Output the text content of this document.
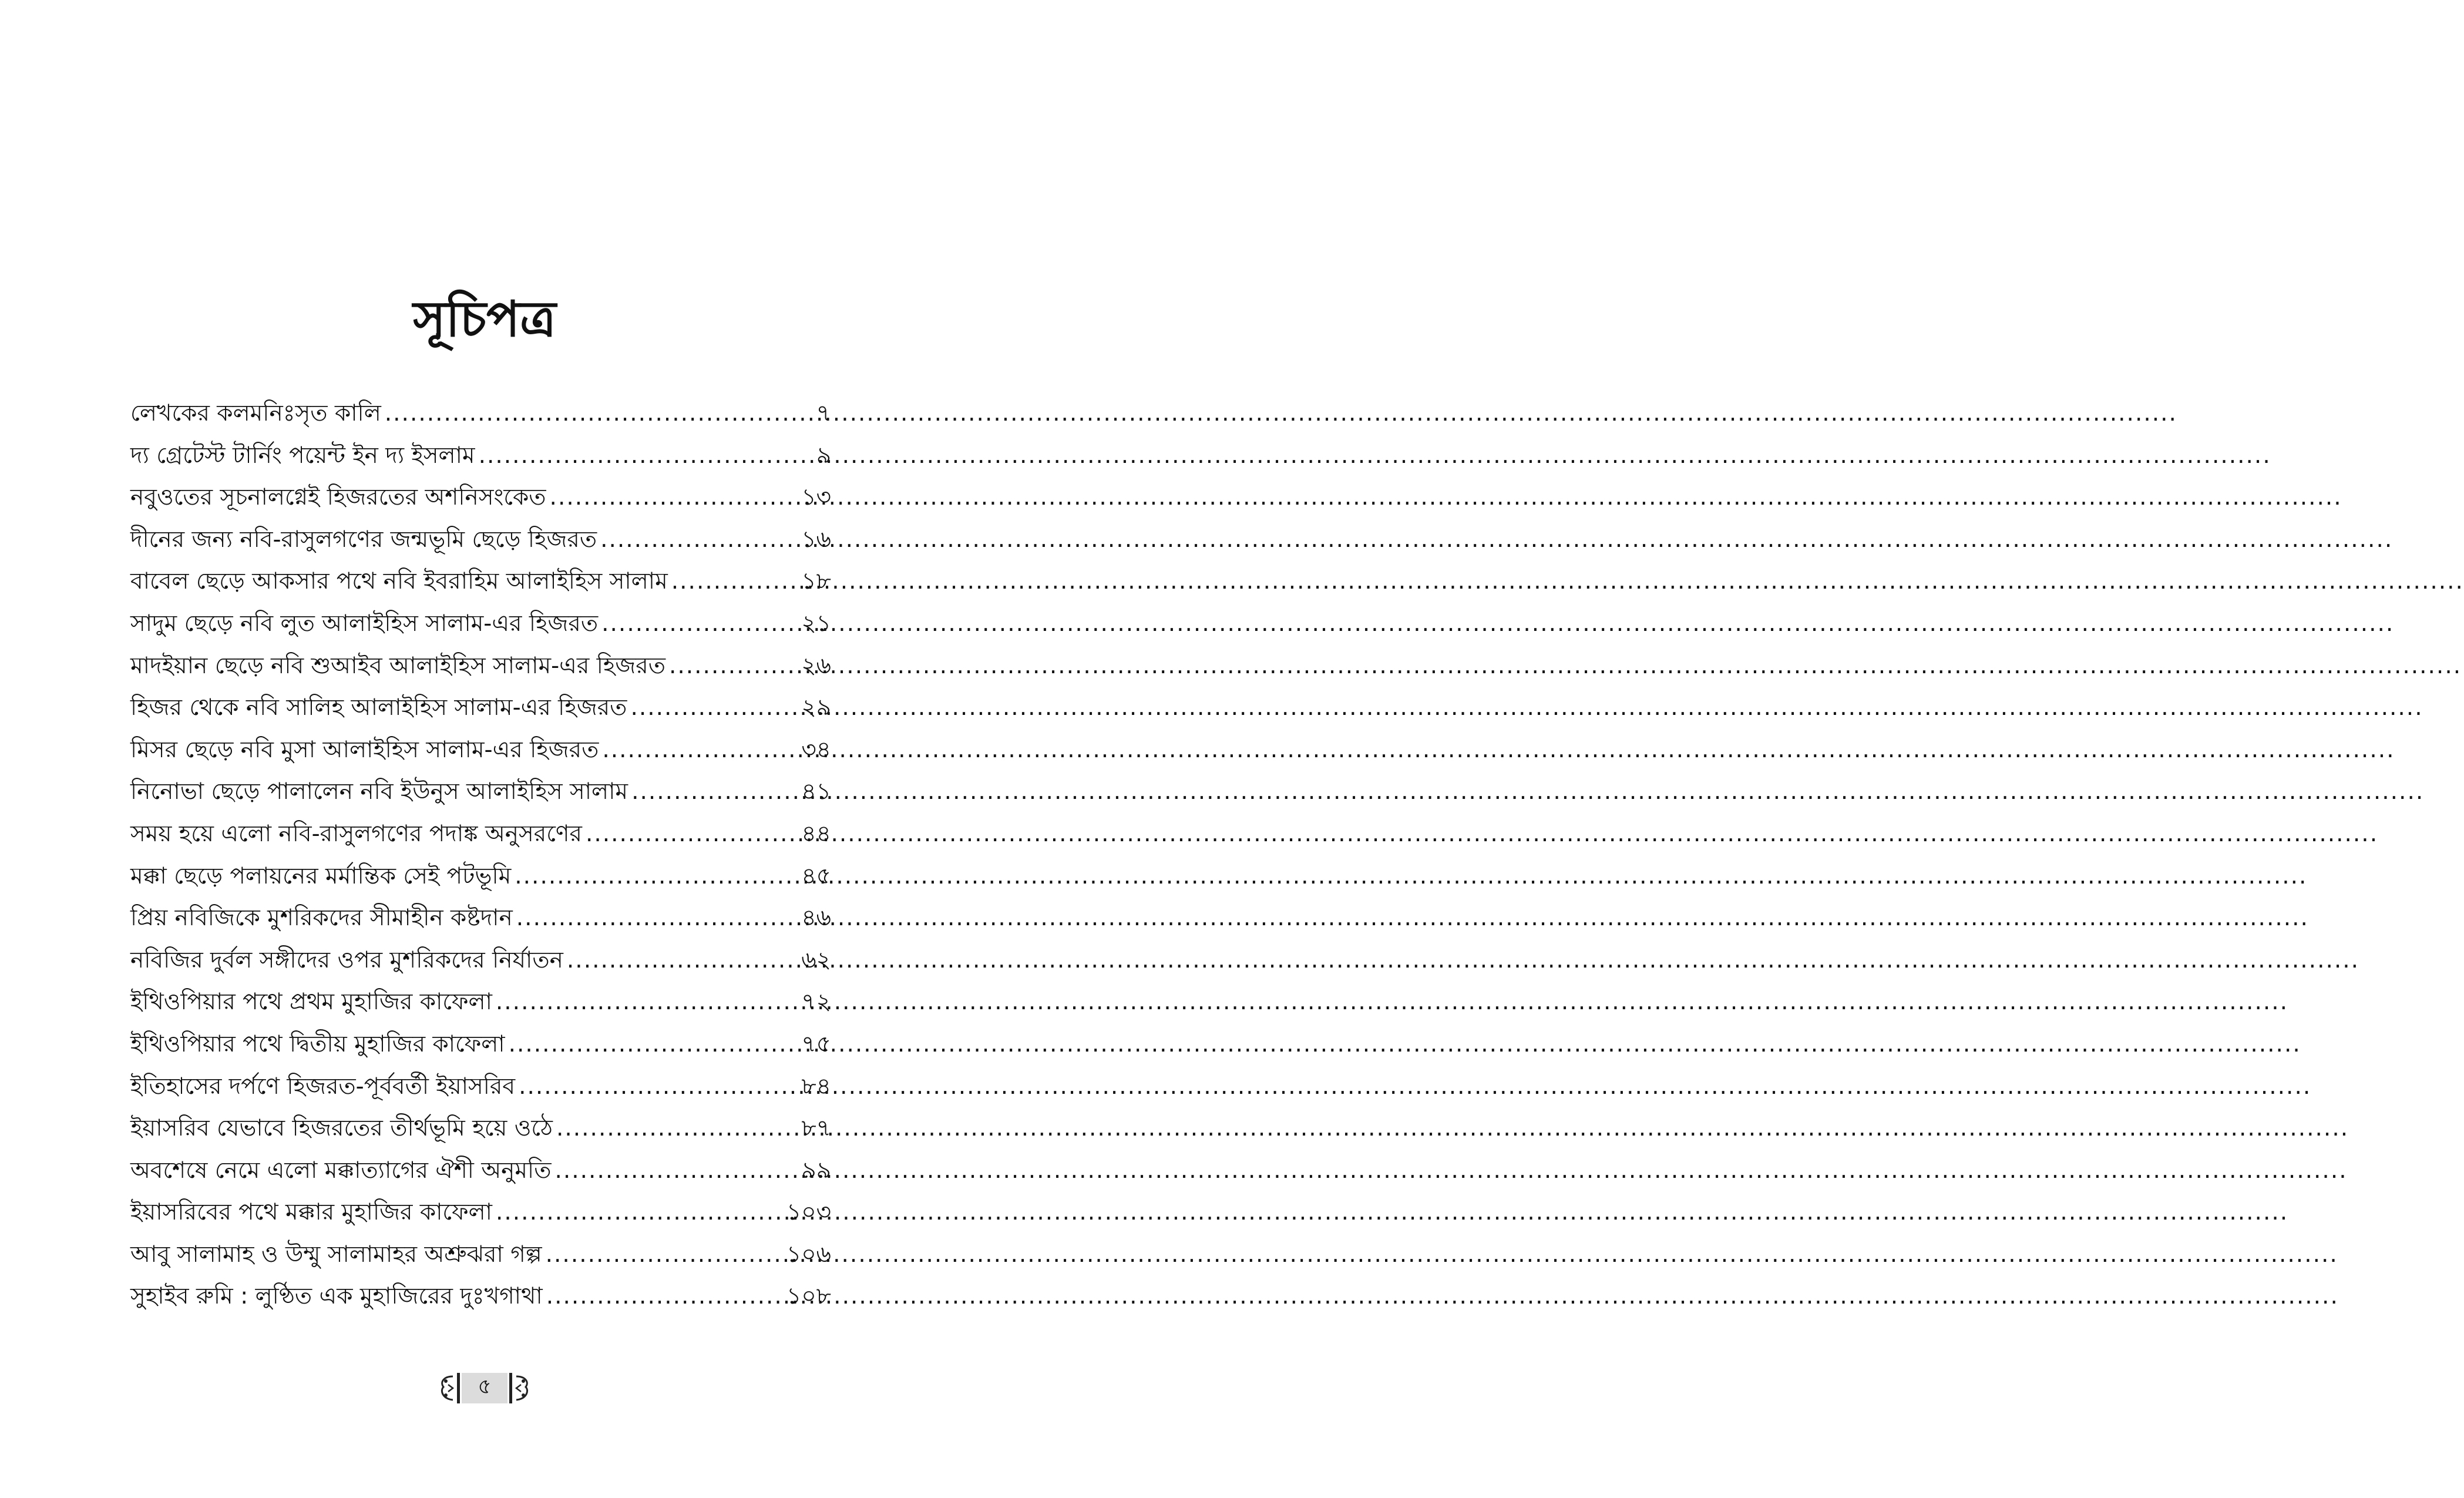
সূচিপত্র
লেখকের কলমনিঃসৃত কালি .....	৭
দ্য গ্রেটেস্ট টার্নিং পয়েন্ট ইন দ্য ইসলাম .....	৯
নবুওতের সূচনালগ্নেই হিজরতের অশনিসংকেত .....	১৩
দীনের জন্য নবি-রাসুলগণের জন্মভূমি ছেড়ে হিজরত .....	১৬
বাবেল ছেড়ে আকসার পথে নবি ইবরাহিম আলাইহিস সালাম .....	১৮
সাদুম ছেড়ে নবি লুত আলাইহিস সালাম-এর হিজরত .....	২১
মাদইয়ান ছেড়ে নবি শুআইব আলাইহিস সালাম-এর হিজরত .....	২৬
হিজর থেকে নবি সালিহ আলাইহিস সালাম-এর হিজরত .....	২৯
মিসর ছেড়ে নবি মুসা আলাইহিস সালাম-এর হিজরত .....	৩৪
নিনোভা ছেড়ে পালালেন নবি ইউনুস আলাইহিস সালাম .....	৪১
সময় হয়ে এলো নবি-রাসুলগণের পদাঙ্ক অনুসরণের .....	৪৪
মক্কা ছেড়ে পলায়নের মর্মান্তিক সেই পটভূমি .....	৪৫
প্রিয় নবিজিকে মুশরিকদের সীমাহীন কষ্টদান .....	৪৬
নবিজির দুর্বল সঙ্গীদের ওপর মুশরিকদের নির্যাতন .....	৬২
ইথিওপিয়ার পথে প্রথম মুহাজির কাফেলা .....	৭২
ইথিওপিয়ার পথে দ্বিতীয় মুহাজির কাফেলা .....	৭৫
ইতিহাসের দর্পণে হিজরত-পূর্ববর্তী ইয়াসরিব .....	৮৪
ইয়াসরিব যেভাবে হিজরতের তীর্থভূমি হয়ে ওঠে .....	৮৭
অবশেষে নেমে এলো মক্কাত্যাগের ঐশী অনুমতি .....	৯৯
ইয়াসরিবের পথে মক্কার মুহাজির কাফেলা .....	১০৩
আবু সালামাহ ও উম্মু সালামাহর অশ্রুঝরা গল্প .....	১০৬
সুহাইব রুমি : লুণ্ঠিত এক মুহাজিরের দুঃখগাথা .....	১০৮
৫
